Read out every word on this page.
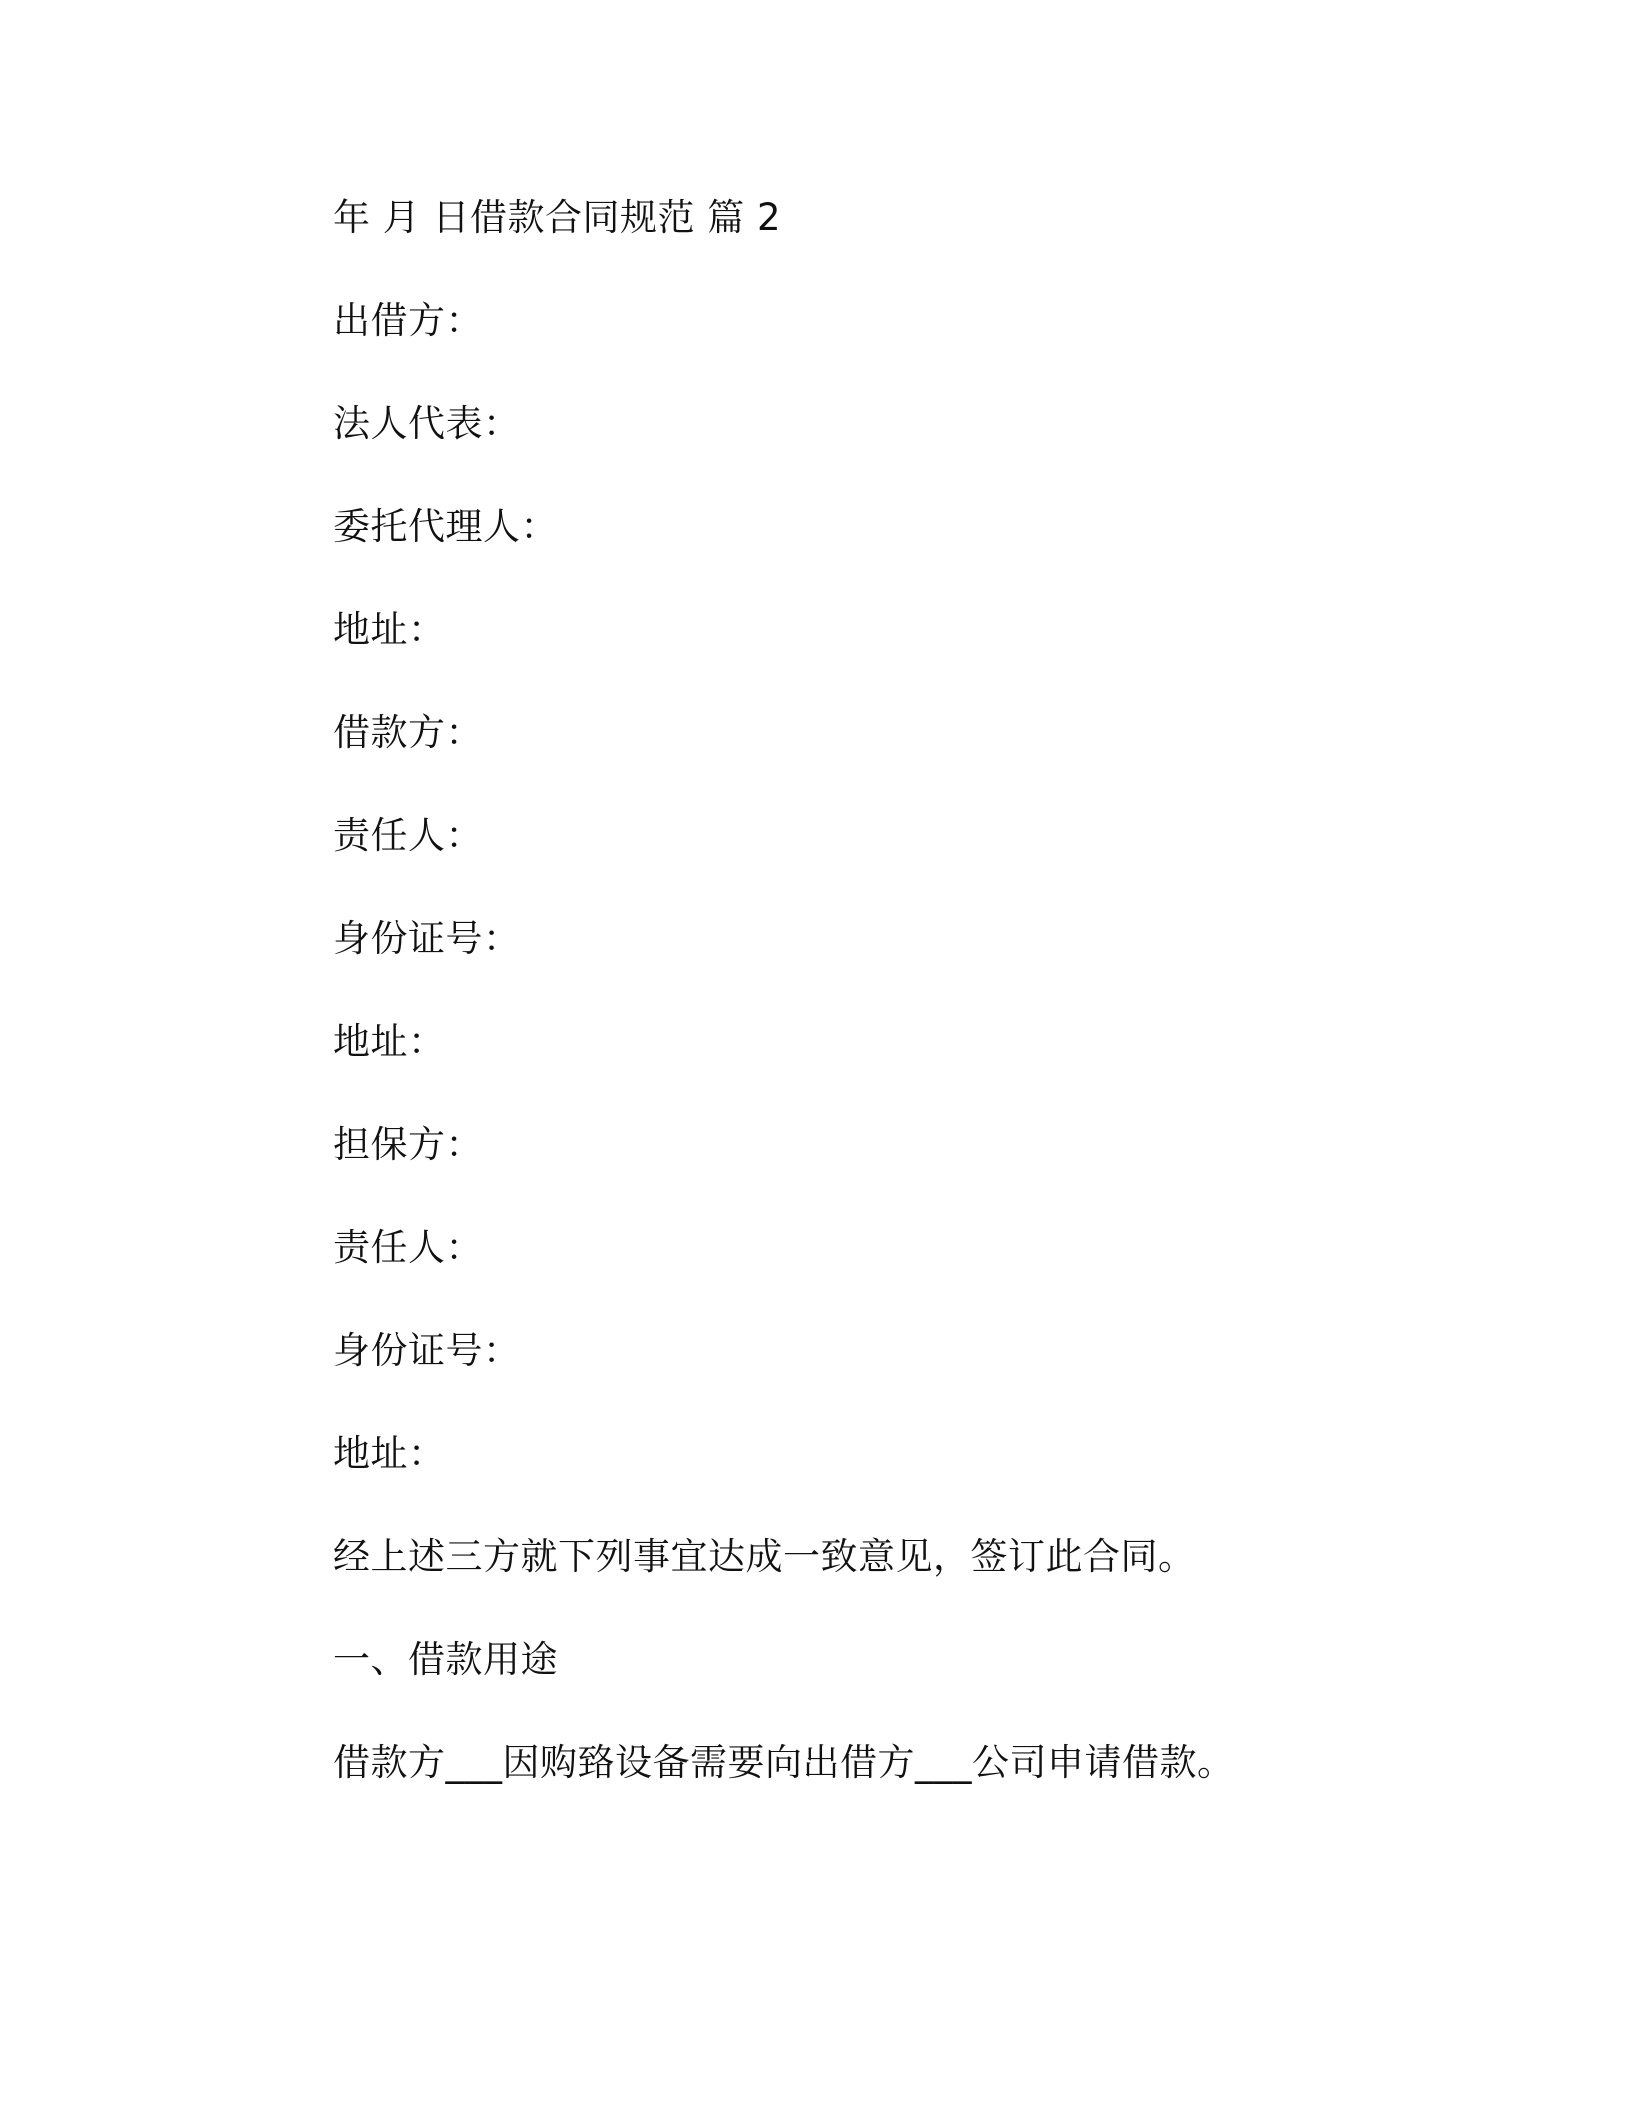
年 月 日借款合同规范 篇 2

出借方：

法人代表：

委托代理人：

地址：

借款方：

责任人：

身份证号：

地址：

担保方：

责任人：

身份证号：

地址：

经上述三方就下列事宜达成一致意见，签订此合同。

一、借款用途

借款方___因购臵设备需要向出借方___公司申请借款。
